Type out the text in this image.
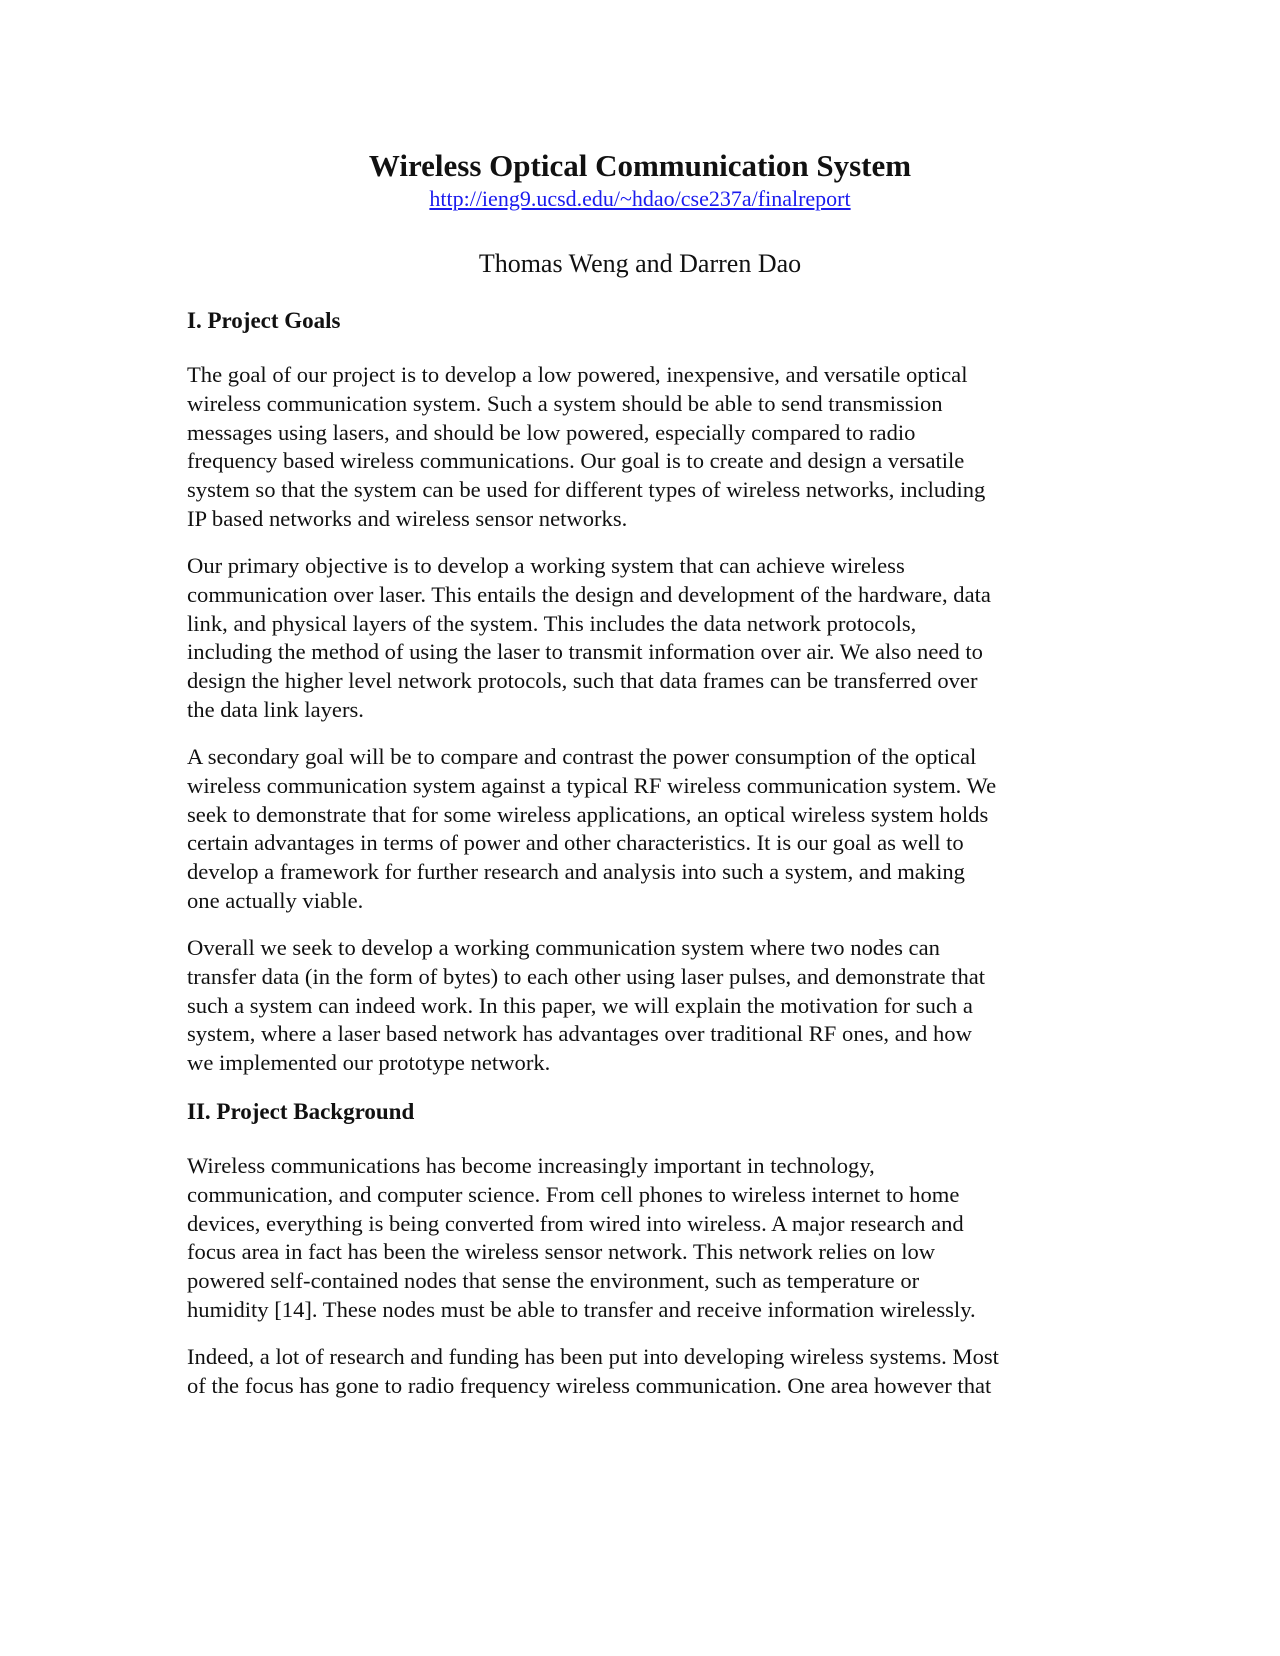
Wireless Optical Communication System
http://ieng9.ucsd.edu/~hdao/cse237a/finalreport
Thomas Weng and Darren Dao
I. Project Goals

The goal of our project is to develop a low powered, inexpensive, and versatile optical
wireless communication system. Such a system should be able to send transmission
messages using lasers, and should be low powered, especially compared to radio
frequency based wireless communications. Our goal is to create and design a versatile
system so that the system can be used for different types of wireless networks, including
IP based networks and wireless sensor networks.

Our primary objective is to develop a working system that can achieve wireless
communication over laser. This entails the design and development of the hardware, data
link, and physical layers of the system. This includes the data network protocols,
including the method of using the laser to transmit information over air. We also need to
design the higher level network protocols, such that data frames can be transferred over
the data link layers.

A secondary goal will be to compare and contrast the power consumption of the optical
wireless communication system against a typical RF wireless communication system. We
seek to demonstrate that for some wireless applications, an optical wireless system holds
certain advantages in terms of power and other characteristics. It is our goal as well to
develop a framework for further research and analysis into such a system, and making
one actually viable.

Overall we seek to develop a working communication system where two nodes can
transfer data (in the form of bytes) to each other using laser pulses, and demonstrate that
such a system can indeed work. In this paper, we will explain the motivation for such a
system, where a laser based network has advantages over traditional RF ones, and how
we implemented our prototype network.

II. Project Background

Wireless communications has become increasingly important in technology,
communication, and computer science. From cell phones to wireless internet to home
devices, everything is being converted from wired into wireless. A major research and
focus area in fact has been the wireless sensor network. This network relies on low
powered self-contained nodes that sense the environment, such as temperature or
humidity [14]. These nodes must be able to transfer and receive information wirelessly.

Indeed, a lot of research and funding has been put into developing wireless systems. Most
of the focus has gone to radio frequency wireless communication. One area however that
